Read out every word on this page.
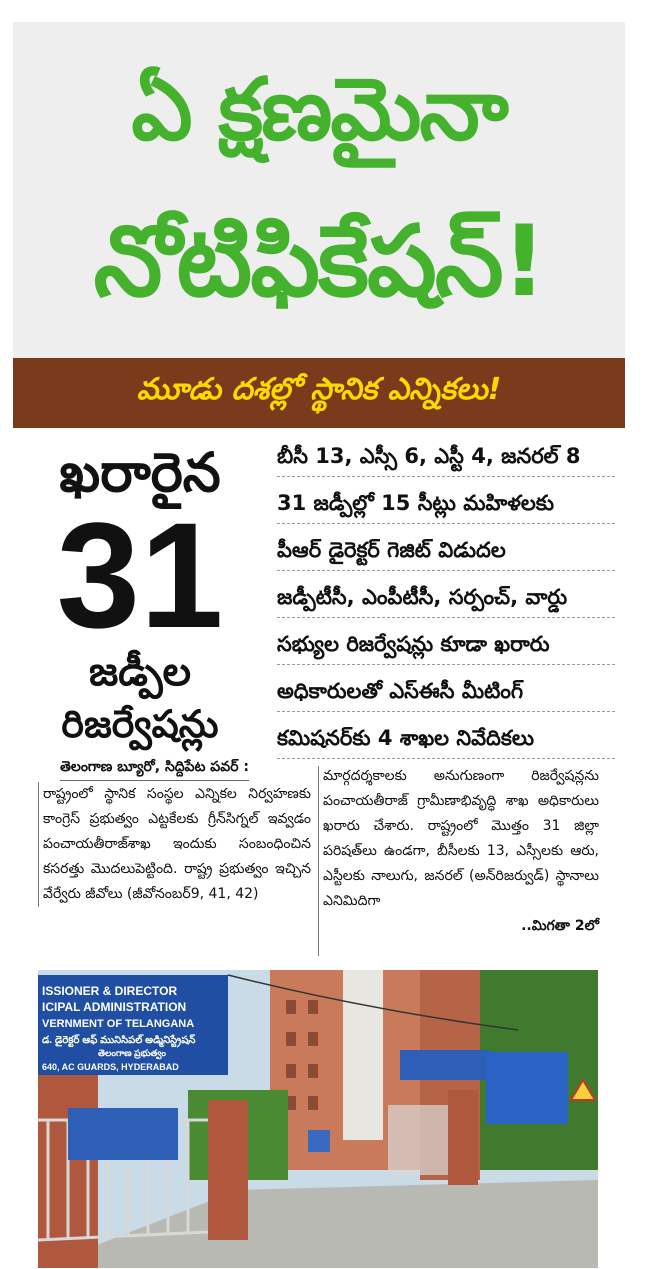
ఏ క్షణమైనా
నోటిఫికేషన్!
మూడు దశల్లో స్థానిక ఎన్నికలు!
ఖరారైన
31
జడ్పీల
రిజర్వేషన్లు
బీసీ 13, ఎస్సీ 6, ఎస్టీ 4, జనరల్ 8
31 జడ్పీల్లో 15 సీట్లు మహిళలకు
పీఆర్ డైరెక్టర్ గెజిట్ విడుదల
జడ్పీటీసీ, ఎంపీటీసీ, సర్పంచ్, వార్డు
సభ్యుల రిజర్వేషన్లు కూడా ఖరారు
అధికారులతో ఎస్ఈసీ మీటింగ్
కమిషనర్‌కు 4 శాఖల నివేదికలు
తెలంగాణ బ్యూరో, సిద్దిపేట పవర్ :

రాష్ట్రంలో స్థానిక సంస్థల ఎన్నికల నిర్వహణకు కాంగ్రెస్ ప్రభుత్వం ఎట్టకేలకు గ్రీన్‌సిగ్నల్ ఇవ్వడం పంచాయతీరాజ్‌శాఖ ఇందుకు సంబంధించిన కసరత్తు మొదలుపెట్టింది. రాష్ట్ర ప్రభుత్వం ఇచ్చిన వేర్వేరు జీవోలు (జీవోనంబర్‌9, 41, 42)

మార్గదర్శకాలకు అనుగుణంగా రిజర్వేషన్లను పంచాయతీరాజ్ గ్రామీణాభివృద్ధి శాఖ అధికారులు ఖరారు చేశారు. రాష్ట్రంలో మొత్తం 31 జిల్లా పరిషత్‌లు ఉండగా, బీసీలకు 13, ఎస్సీలకు ఆరు, ఎస్టీలకు నాలుగు, జనరల్ (అన్‌రిజర్వుడ్) స్థానాలు ఎనిమిదిగా

..మిగతా 2లో

ISSIONER & DIRECTOR
ICIPAL ADMINISTRATION
VERNMENT OF TELANGANA
డ. డైరెక్టర్ ఆఫ్ మునిసిపల్ అడ్మినిస్ట్రేషన్
తెలంగాణ ప్రభుత్వం
640, AC GUARDS, HYDERABAD
